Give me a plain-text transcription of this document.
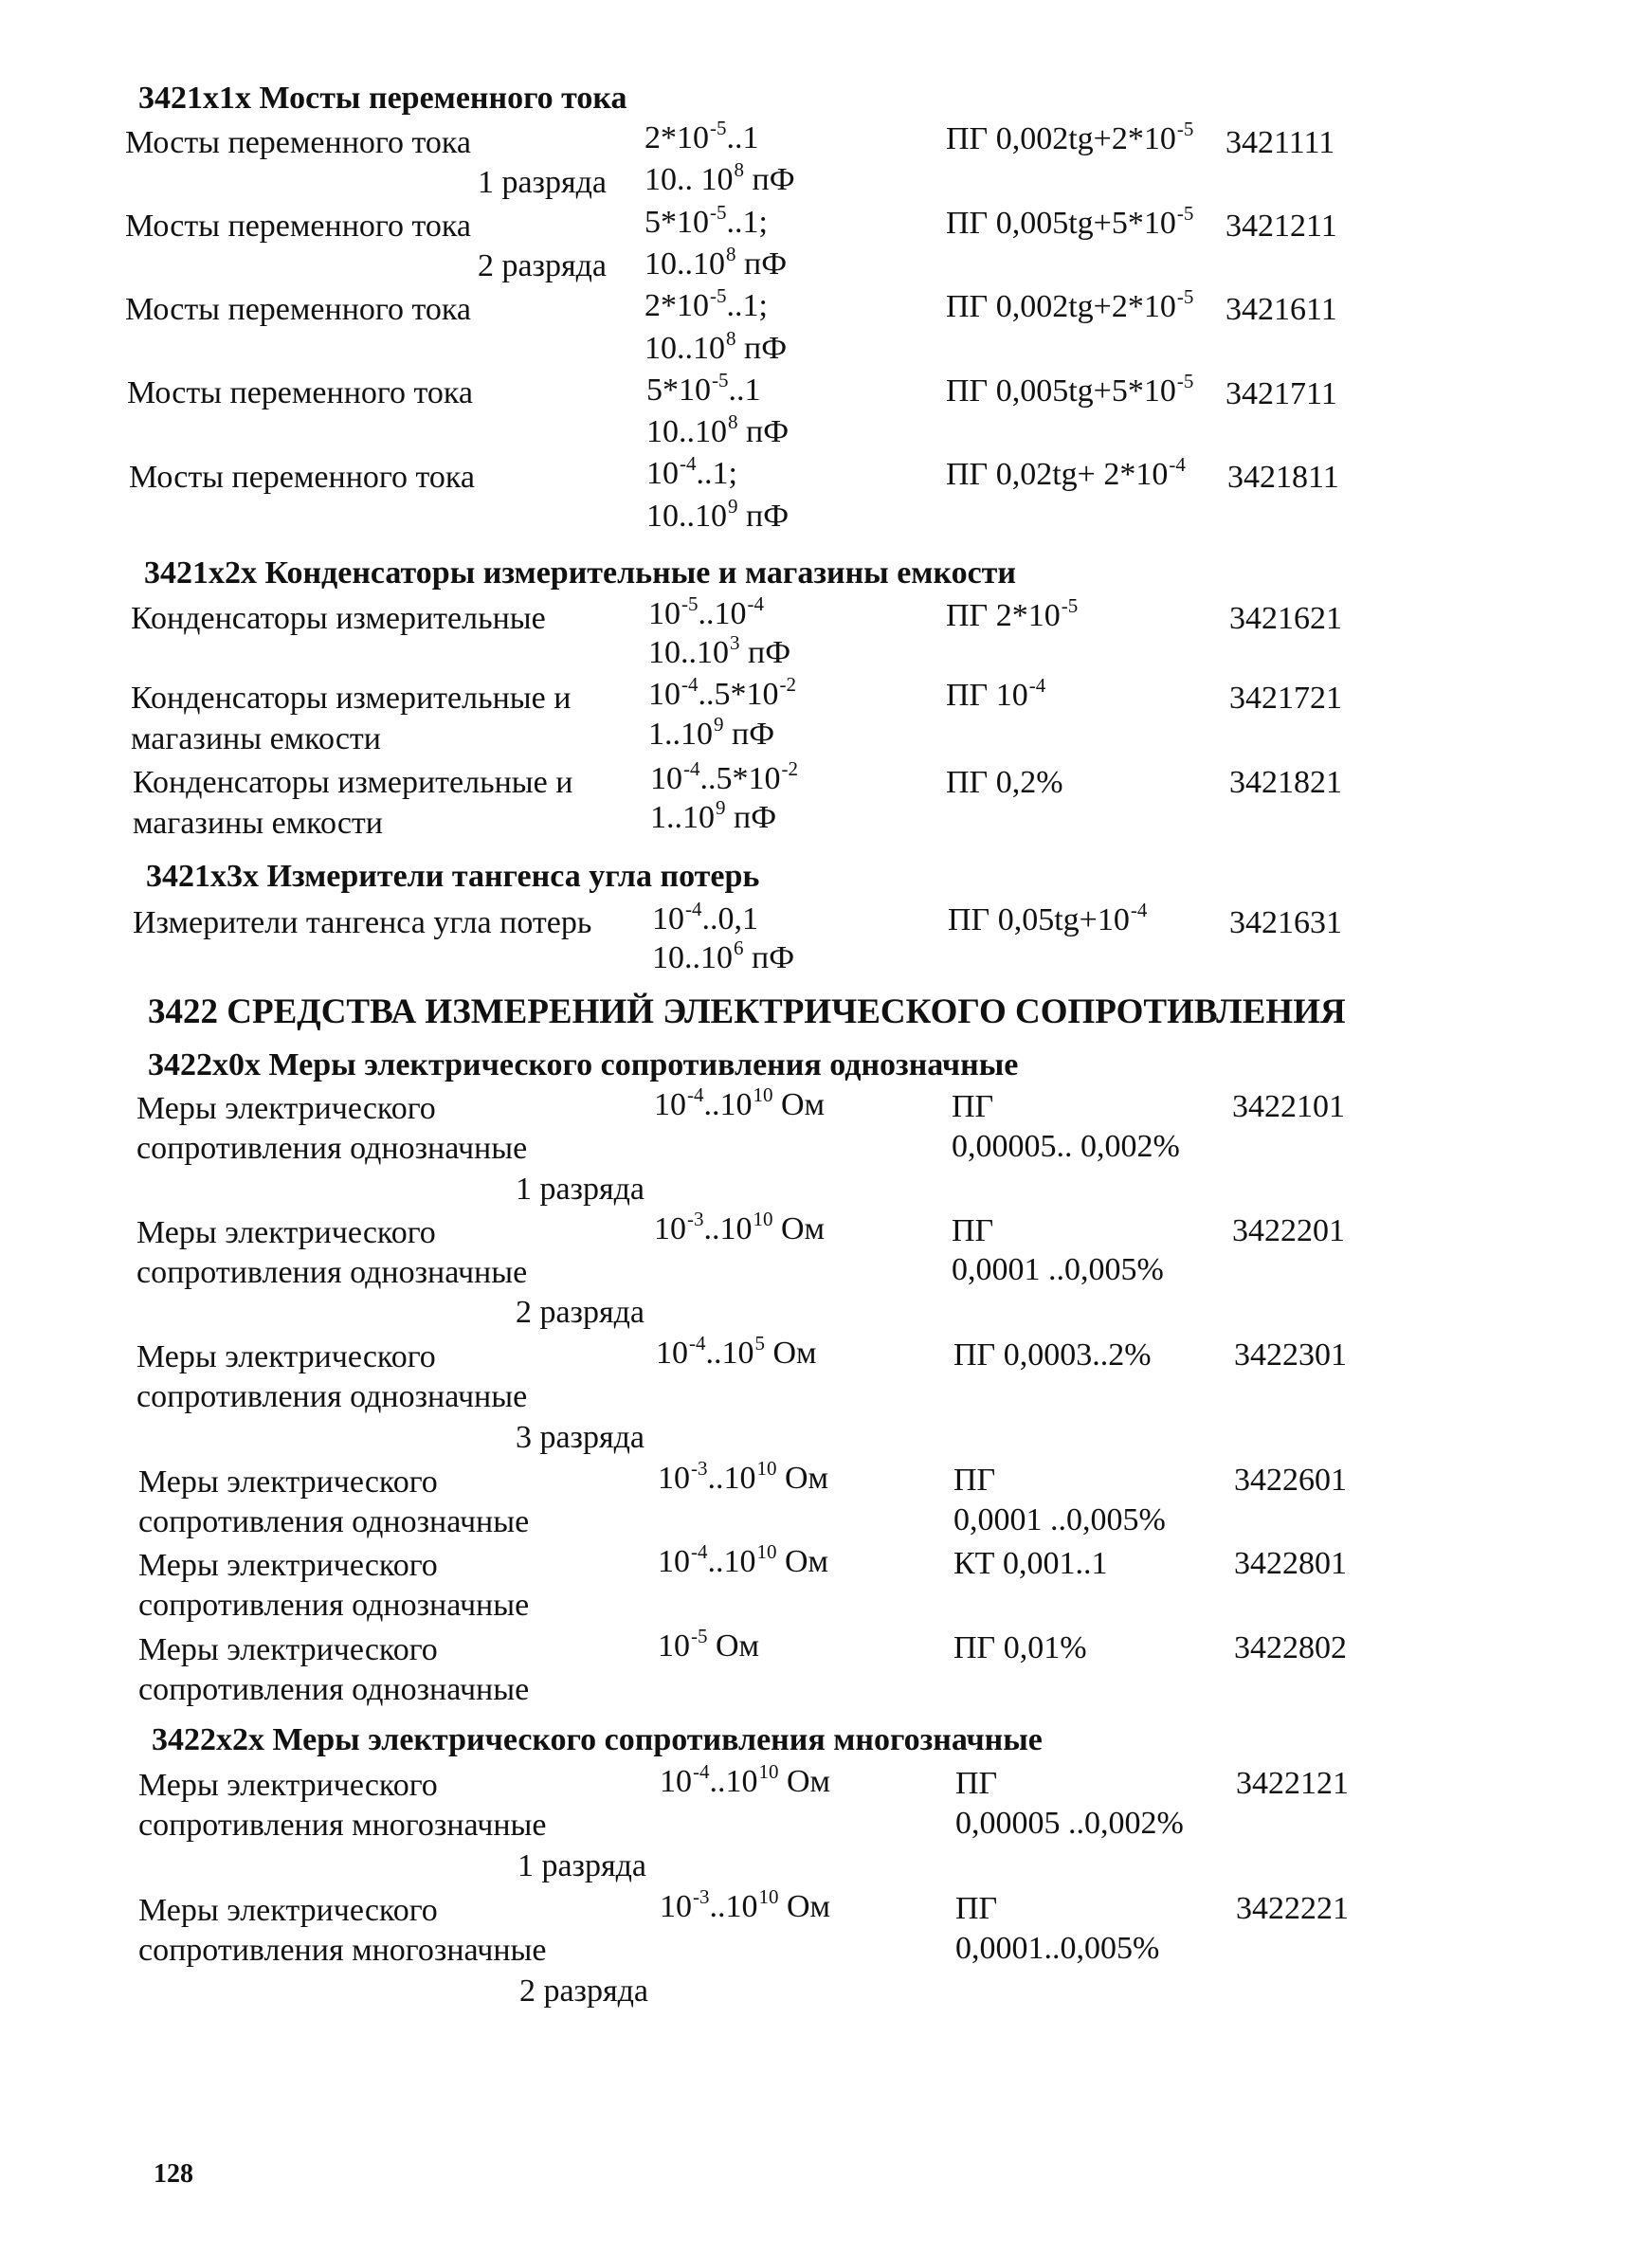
3421x1x Мосты переменного тока
Мосты переменного тока	$2*10^{-5}..1$	ПГ $0,002tg+2*10^{-5}$ 3421111
1 разряда 10.. $10^8$ пФ
Мосты переменного тока	$5*10^{-5}..1$;	ПГ $0,005tg+5*10^{-5}$ 3421211
2 разряда 10..10$^8$ пФ
Мосты переменного тока	$2*10^{-5}..1$;	ПГ $0,002tg+2*10^{-5}$ 3421611
10..10$^8$ пФ
Мосты переменного тока	$5*10^{-5}..1$	ПГ $0,005tg+5*10^{-5}$ 3421711
10..10$^8$ пФ
Мосты переменного тока	$10^{-4}..1$;	ПГ $0,02tg+ 2*10^{-4}$ 3421811
10..10$^9$ пФ
3421x2x Конденсаторы измерительные и магазины емкости
Конденсаторы измерительные	$10^{-5}..10^{-4}$	ПГ $2*10^{-5}$	3421621
10..10$^3$ пФ
Конденсаторы измерительные и $10^{-4}..5*10^{-2}$	ПГ $10^{-4}$	3421721
магазины емкости	1..10$^9$ пФ
Конденсаторы измерительные и $10^{-4}..5*10^{-2}$	ПГ 0,2%	3421821
магазины емкости	1..10$^9$ пФ
3421x3x Измерители тангенса угла потерь
Измерители тангенса угла потерь $10^{-4}..0,1$	ПГ $0,05tg+10^{-4}$	3421631
10..10$^6$ пФ
3422 СРЕДСТВА ИЗМЕРЕНИЙ ЭЛЕКТРИЧЕСКОГО СОПРОТИВЛЕНИЯ
3422x0x Меры электрического сопротивления однозначные
Меры электрического	$10^{-4}..10^{10}$ Ом	ПГ	3422101
сопротивления однозначные	0,00005.. 0,002%
1 разряда
Меры электрического	$10^{-3}..10^{10}$ Ом	ПГ	3422201
сопротивления однозначные	0,0001 ..0,005%
2 разряда
Меры электрического	$10^{-4}..10^5$ Ом	ПГ 0,0003..2%	3422301
сопротивления однозначные
3 разряда
Меры электрического	$10^{-3}..10^{10}$ Ом	ПГ	3422601
сопротивления однозначные	0,0001 ..0,005%
Меры электрического	$10^{-4}..10^{10}$ Ом	КТ 0,001..1	3422801
сопротивления однозначные
Меры электрического	$10^{-5}$ Ом	ПГ 0,01%	3422802
сопротивления однозначные
3422x2x Меры электрического сопротивления многозначные
Меры электрического	$10^{-4}..10^{10}$ Ом	ПГ	3422121
сопротивления многозначные	0,00005 ..0,002%
1 разряда
Меры электрического	$10^{-3}..10^{10}$ Ом	ПГ	3422221
сопротивления многозначные	0,0001..0,005%
2 разряда
128
